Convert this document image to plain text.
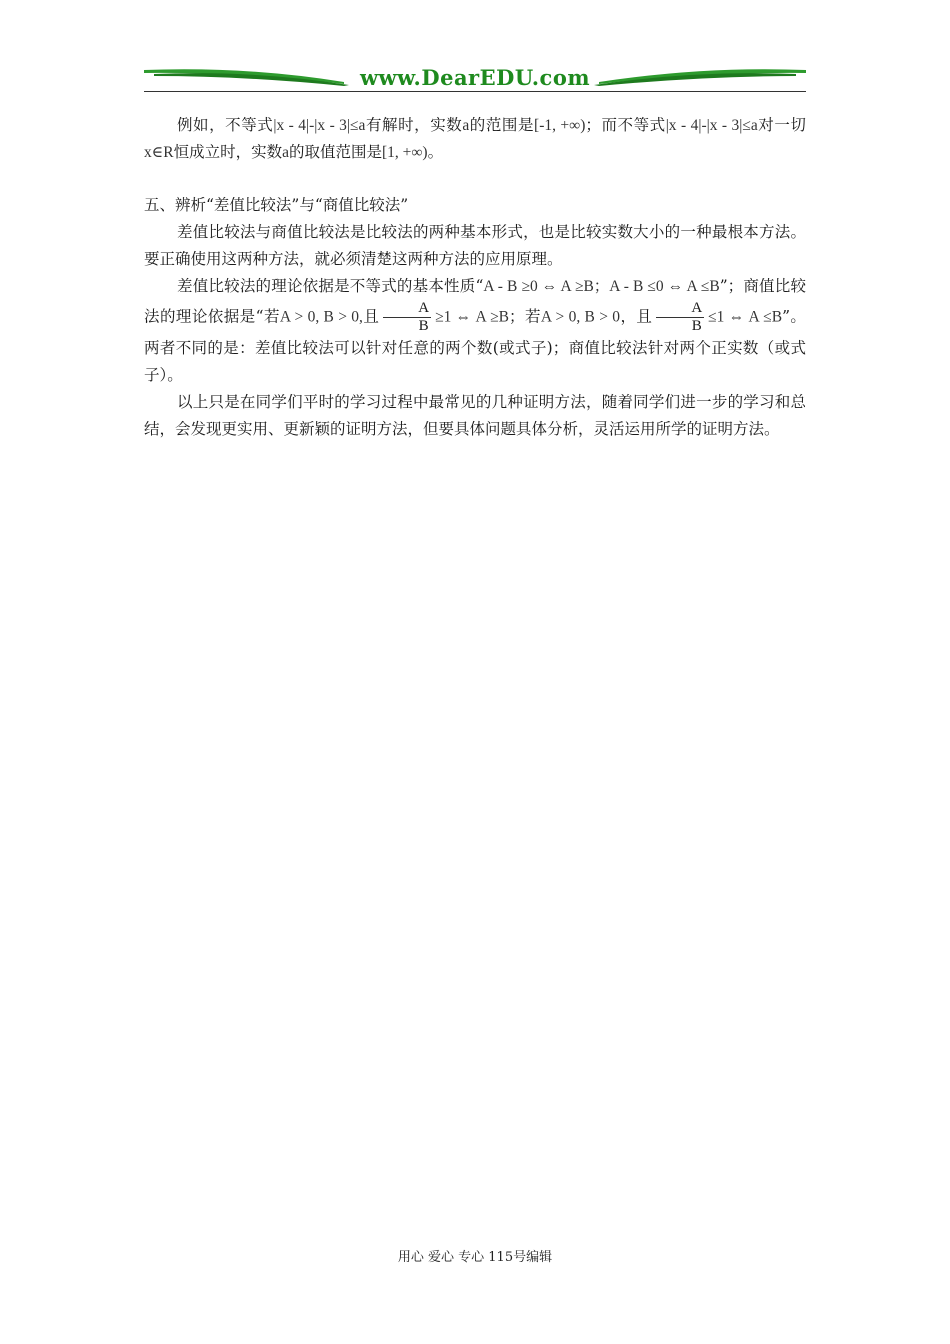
www.DearEDU.com

例如，不等式|x - 4|-|x - 3|≤a有解时，实数a的范围是[-1, +∞)；而不等式|x - 4|-|x - 3|≤a对一切x∈R恒成立时，实数a的取值范围是[1, +∞)。

五、辨析“差值比较法”与“商值比较法”

差值比较法与商值比较法是比较法的两种基本形式，也是比较实数大小的一种最根本方法。要正确使用这两种方法，就必须清楚这两种方法的应用原理。

差值比较法的理论依据是不等式的基本性质“A - B ≥0 ⇔ A ≥B；A - B ≤0 ⇔ A ≤B”；商值比较法的理论依据是“若A > 0, B > 0,且 $\frac{A}{B} \ge 1$ ⇔ A ≥B；若A > 0, B > 0，且 $\frac{A}{B} \le 1$ ⇔ A ≤B”。两者不同的是：差值比较法可以针对任意的两个数(或式子)；商值比较法针对两个正实数（或式子）。

以上只是在同学们平时的学习过程中最常见的几种证明方法，随着同学们进一步的学习和总结，会发现更实用、更新颖的证明方法，但要具体问题具体分析，灵活运用所学的证明方法。

用心 爱心 专心 115号编辑
